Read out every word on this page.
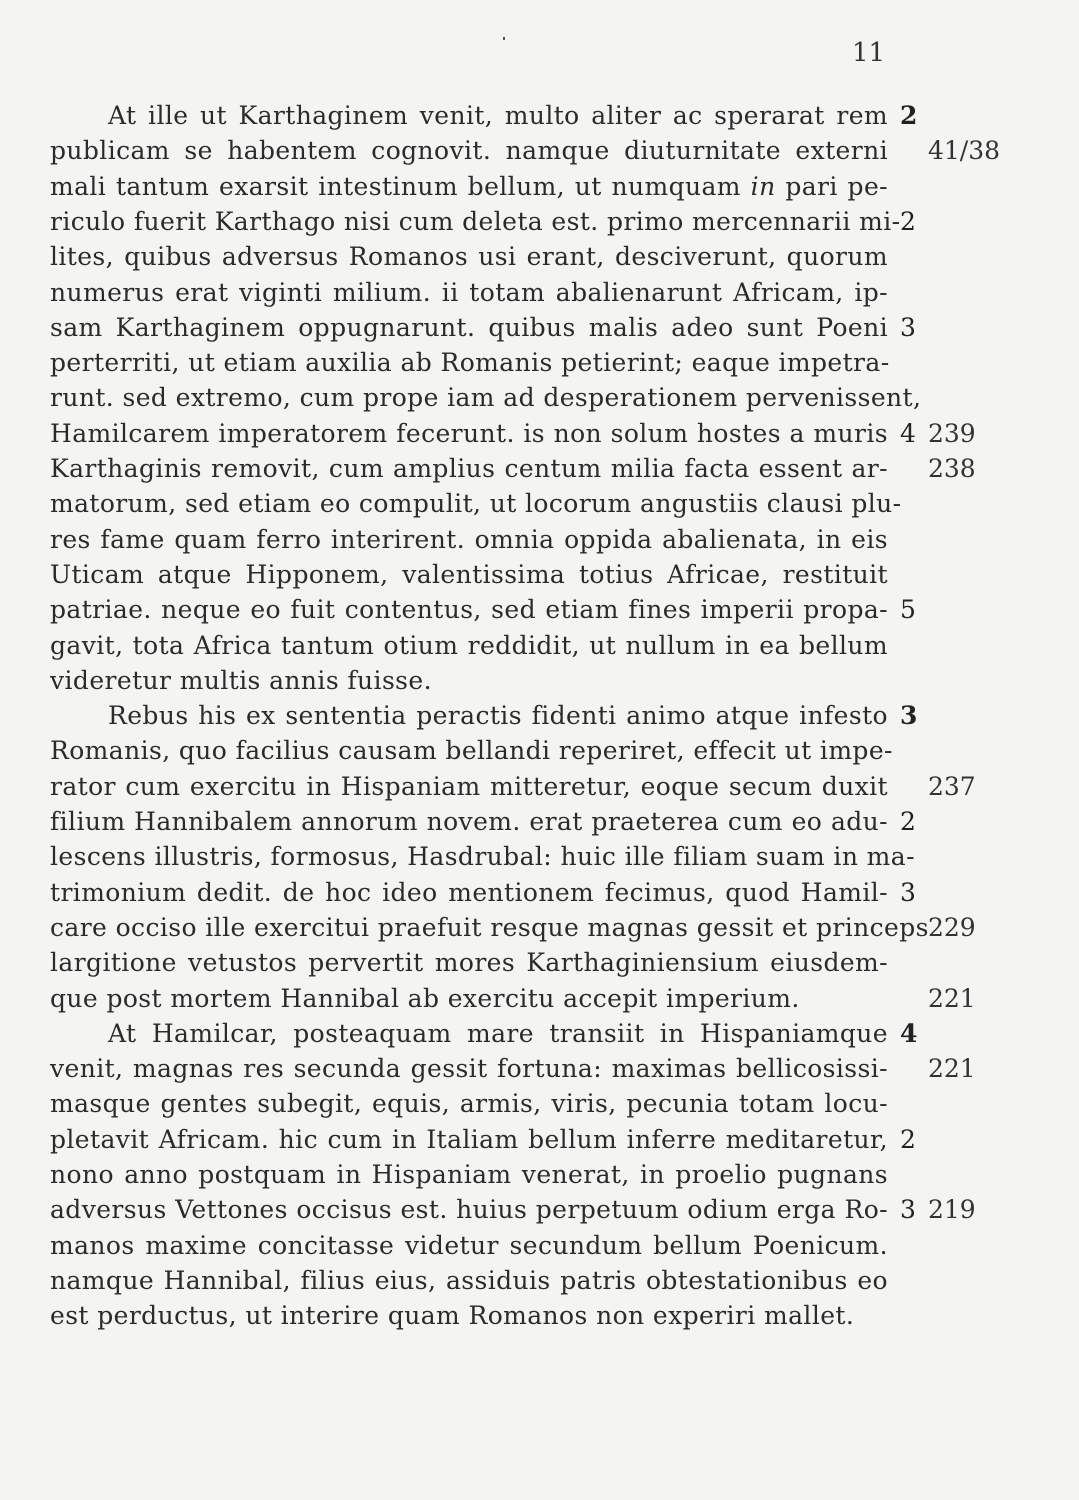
11
At ille ut Karthaginem venit, multo aliter ac sperarat rem
publicam se habentem cognovit. namque diuturnitate externi
mali tantum exarsit intestinum bellum, ut numquam in pari pe-
riculo fuerit Karthago nisi cum deleta est. primo mercennarii mi-
lites, quibus adversus Romanos usi erant, desciverunt, quorum
numerus erat viginti milium. ii totam abalienarunt Africam, ip-
sam Karthaginem oppugnarunt. quibus malis adeo sunt Poeni
perterriti, ut etiam auxilia ab Romanis petierint; eaque impetra-
runt. sed extremo, cum prope iam ad desperationem pervenissent,
Hamilcarem imperatorem fecerunt. is non solum hostes a muris
Karthaginis removit, cum amplius centum milia facta essent ar-
matorum, sed etiam eo compulit, ut locorum angustiis clausi plu-
res fame quam ferro interirent. omnia oppida abalienata, in eis
Uticam atque Hipponem, valentissima totius Africae, restituit
patriae. neque eo fuit contentus, sed etiam fines imperii propa-
gavit, tota Africa tantum otium reddidit, ut nullum in ea bellum
videretur multis annis fuisse.
Rebus his ex sententia peractis fidenti animo atque infesto
Romanis, quo facilius causam bellandi reperiret, effecit ut impe-
rator cum exercitu in Hispaniam mitteretur, eoque secum duxit
filium Hannibalem annorum novem. erat praeterea cum eo adu-
lescens illustris, formosus, Hasdrubal: huic ille filiam suam in ma-
trimonium dedit. de hoc ideo mentionem fecimus, quod Hamil-
care occiso ille exercitui praefuit resque magnas gessit et princeps
largitione vetustos pervertit mores Karthaginiensium eiusdem-
que post mortem Hannibal ab exercitu accepit imperium.
At Hamilcar, posteaquam mare transiit in Hispaniamque
venit, magnas res secunda gessit fortuna: maximas bellicosissi-
masque gentes subegit, equis, armis, viris, pecunia totam locu-
pletavit Africam. hic cum in Italiam bellum inferre meditaretur,
nono anno postquam in Hispaniam venerat, in proelio pugnans
adversus Vettones occisus est. huius perpetuum odium erga Ro-
manos maxime concitasse videtur secundum bellum Poenicum.
namque Hannibal, filius eius, assiduis patris obtestationibus eo
est perductus, ut interire quam Romanos non experiri mallet.
2
2
3
4
5
3
2
3
4
2
3
41/38
239
238
237
229
221
221
219
